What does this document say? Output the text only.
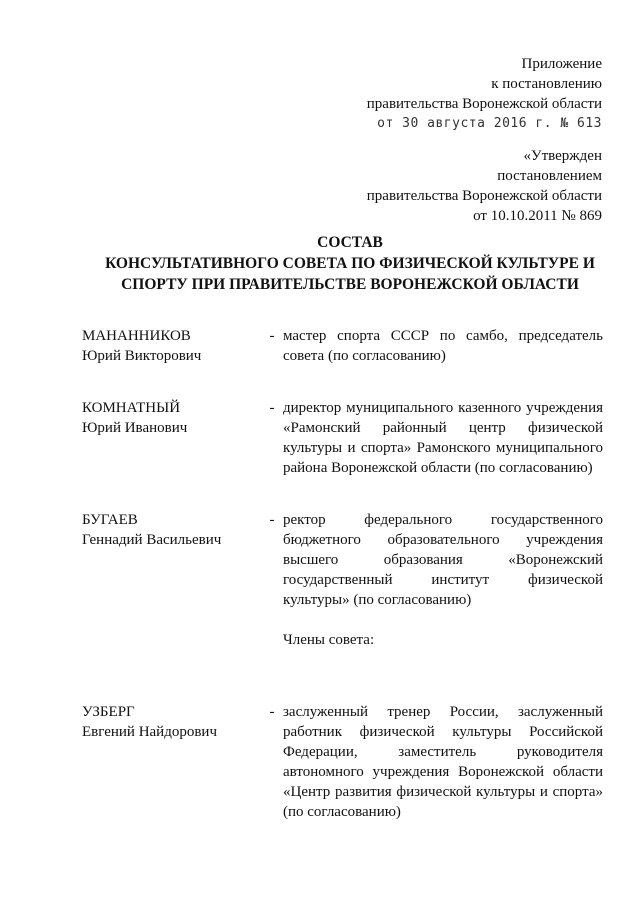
Приложение
к постановлению
правительства Воронежской области
от 30 августа 2016 г. № 613
«Утвержден
постановлением
правительства Воронежской области
от 10.10.2011 № 869
СОСТАВ
КОНСУЛЬТАТИВНОГО СОВЕТА ПО ФИЗИЧЕСКОЙ КУЛЬТУРЕ И
СПОРТУ ПРИ ПРАВИТЕЛЬСТВЕ ВОРОНЕЖСКОЙ ОБЛАСТИ
МАНАННИКОВ
Юрий Викторович
- мастер спорта СССР по самбо, председатель совета (по согласованию)
КОМНАТНЫЙ
Юрий Иванович
- директор муниципального казенного учреждения «Рамонский районный центр физической культуры и спорта» Рамонского муниципального района Воронежской области (по согласованию)
БУГАЕВ
Геннадий Васильевич
- ректор федерального государственного бюджетного образовательного учреждения высшего образования «Воронежский государственный институт физической культуры» (по согласованию)
Члены совета:
УЗБЕРГ
Евгений Найдорович
- заслуженный тренер России, заслуженный работник физической культуры Российской Федерации, заместитель руководителя автономного учреждения Воронежской области «Центр развития физической культуры и спорта» (по согласованию)
